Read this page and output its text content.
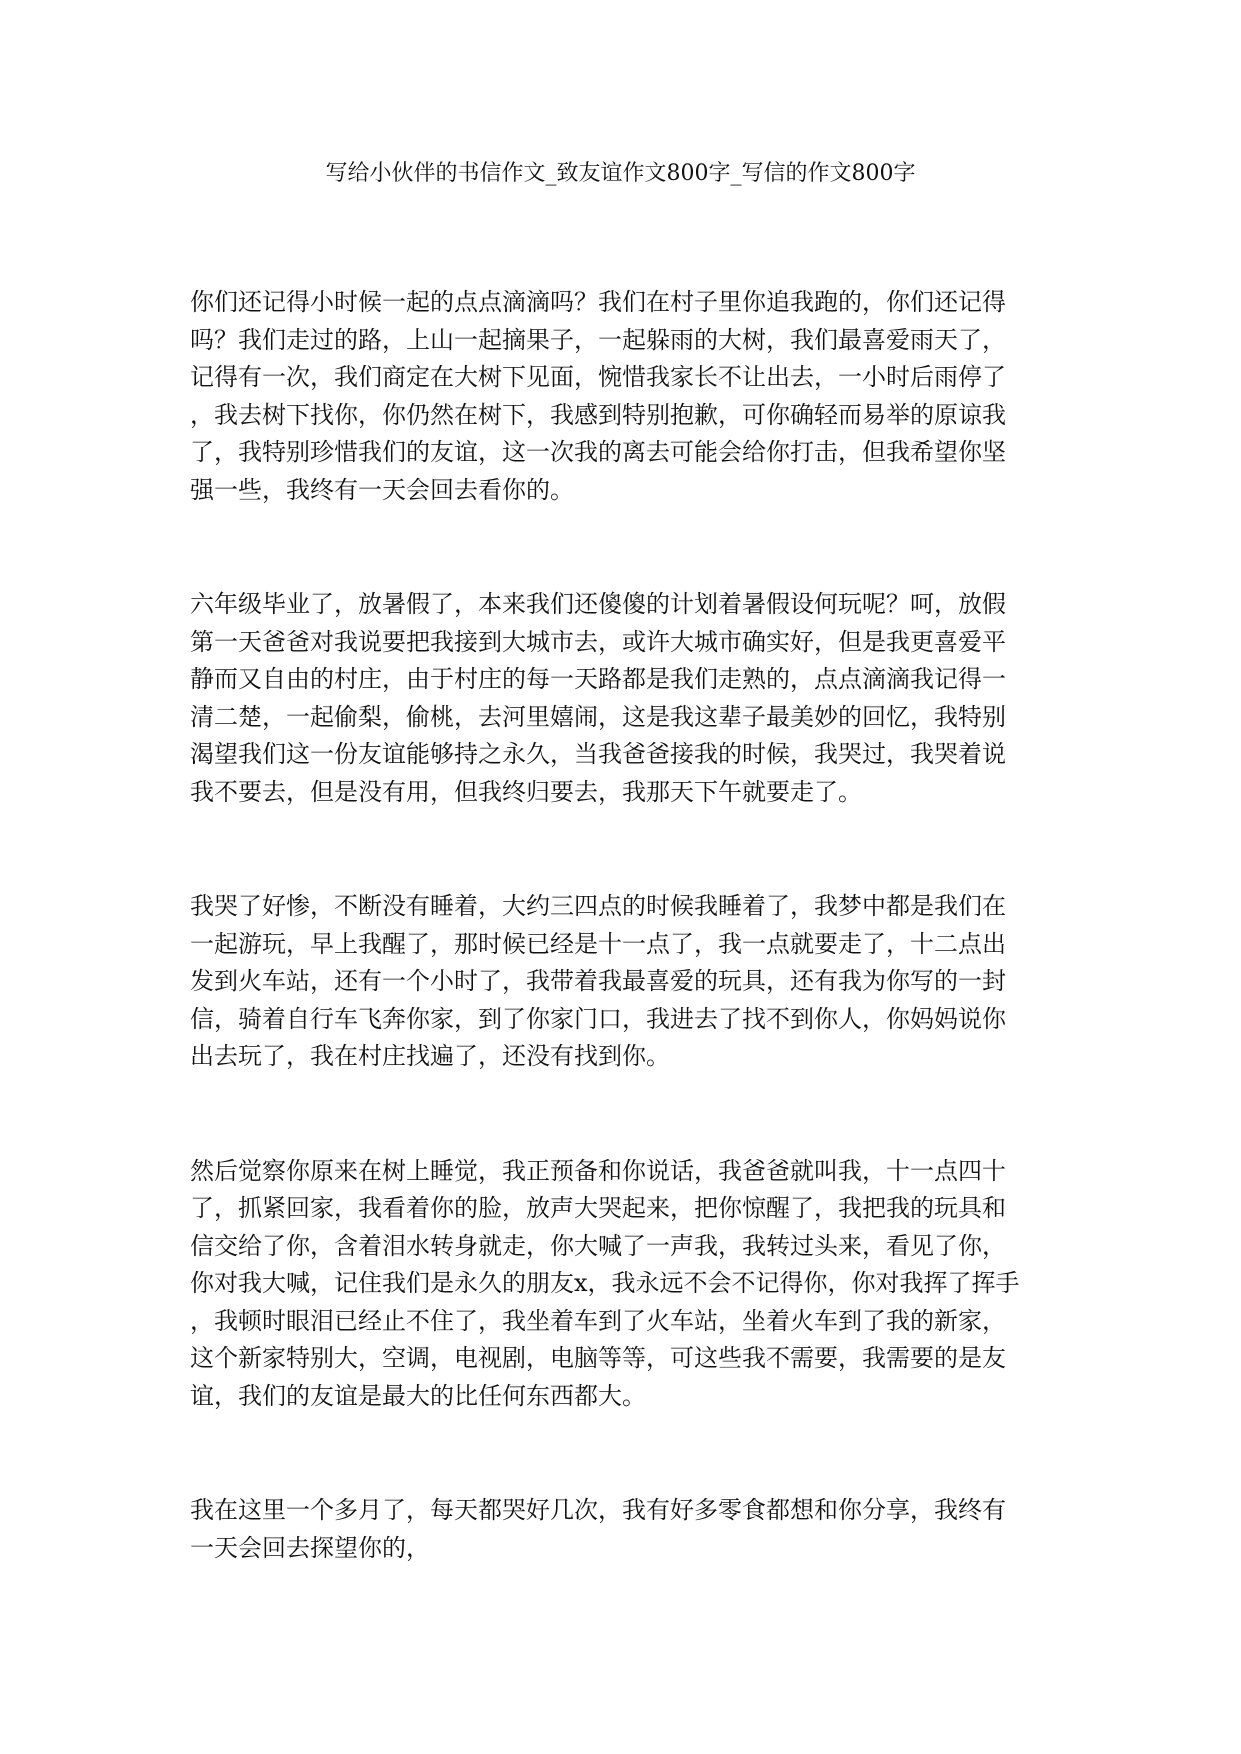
写给小伙伴的书信作文_致友谊作文800字_写信的作文800字

你们还记得小时候一起的点点滴滴吗？我们在村子里你追我跑的，你们还记得
吗？我们走过的路，上山一起摘果子，一起躲雨的大树，我们最喜爱雨天了，
记得有一次，我们商定在大树下见面，惋惜我家长不让出去，一小时后雨停了
，我去树下找你，你仍然在树下，我感到特别抱歉，可你确轻而易举的原谅我
了，我特别珍惜我们的友谊，这一次我的离去可能会给你打击，但我希望你坚
强一些，我终有一天会回去看你的。

六年级毕业了，放暑假了，本来我们还傻傻的计划着暑假设何玩呢？呵，放假
第一天爸爸对我说要把我接到大城市去，或许大城市确实好，但是我更喜爱平
静而又自由的村庄，由于村庄的每一天路都是我们走熟的，点点滴滴我记得一
清二楚，一起偷梨，偷桃，去河里嬉闹，这是我这辈子最美妙的回忆，我特别
渴望我们这一份友谊能够持之永久，当我爸爸接我的时候，我哭过，我哭着说
我不要去，但是没有用，但我终归要去，我那天下午就要走了。

我哭了好惨，不断没有睡着，大约三四点的时候我睡着了，我梦中都是我们在
一起游玩，早上我醒了，那时候已经是十一点了，我一点就要走了，十二点出
发到火车站，还有一个小时了，我带着我最喜爱的玩具，还有我为你写的一封
信，骑着自行车飞奔你家，到了你家门口，我进去了找不到你人，你妈妈说你
出去玩了，我在村庄找遍了，还没有找到你。

然后觉察你原来在树上睡觉，我正预备和你说话，我爸爸就叫我，十一点四十
了，抓紧回家，我看着你的脸，放声大哭起来，把你惊醒了，我把我的玩具和
信交给了你，含着泪水转身就走，你大喊了一声我，我转过头来，看见了你，
你对我大喊，记住我们是永久的朋友x，我永远不会不记得你，你对我挥了挥手
，我顿时眼泪已经止不住了，我坐着车到了火车站，坐着火车到了我的新家，
这个新家特别大，空调，电视剧，电脑等等，可这些我不需要，我需要的是友
谊，我们的友谊是最大的比任何东西都大。

我在这里一个多月了，每天都哭好几次，我有好多零食都想和你分享，我终有
一天会回去探望你的，
